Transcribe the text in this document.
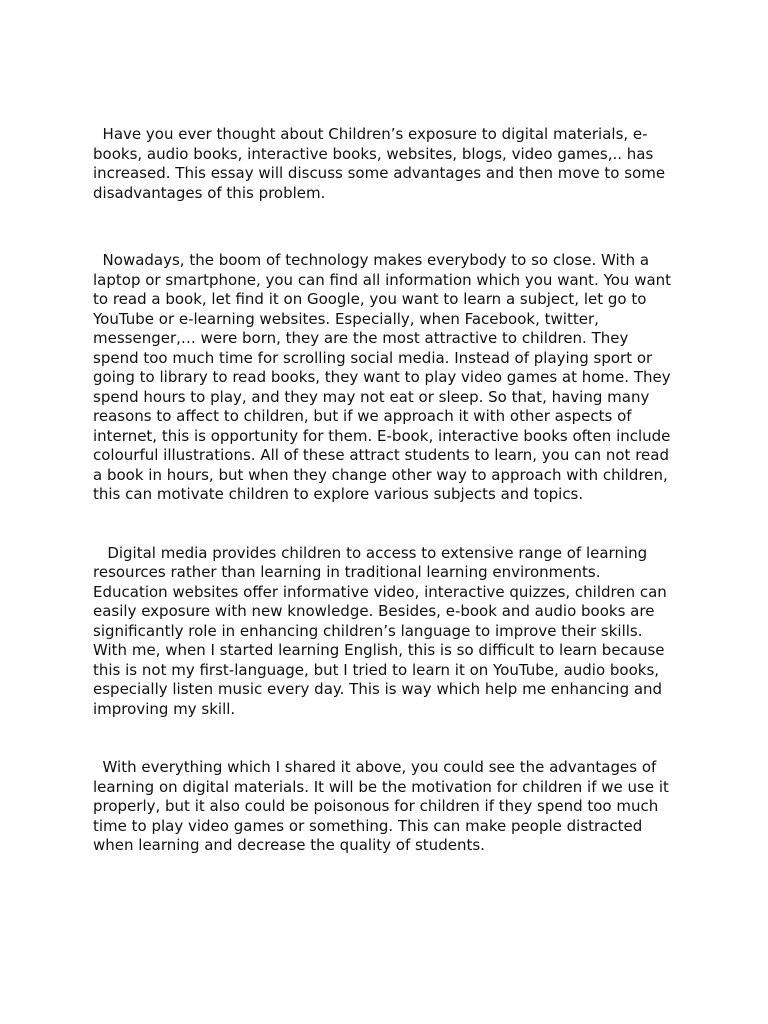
Have you ever thought about Children’s exposure to digital materials, e-books, audio books, interactive books, websites, blogs, video games,.. has increased. This essay will discuss some advantages and then move to some disadvantages of this problem.

Nowadays, the boom of technology makes everybody to so close. With a laptop or smartphone, you can find all information which you want. You want to read a book, let find it on Google, you want to learn a subject, let go to YouTube or e-learning websites. Especially, when Facebook, twitter, messenger,… were born, they are the most attractive to children. They spend too much time for scrolling social media. Instead of playing sport or going to library to read books, they want to play video games at home. They spend hours to play, and they may not eat or sleep. So that, having many reasons to affect to children, but if we approach it with other aspects of internet, this is opportunity for them. E-book, interactive books often include colourful illustrations. All of these attract students to learn, you can not read a book in hours, but when they change other way to approach with children, this can motivate children to explore various subjects and topics.

Digital media provides children to access to extensive range of learning resources rather than learning in traditional learning environments. Education websites offer informative video, interactive quizzes, children can easily exposure with new knowledge. Besides, e-book and audio books are significantly role in enhancing children’s language to improve their skills. With me, when I started learning English, this is so difficult to learn because this is not my first-language, but I tried to learn it on YouTube, audio books, especially listen music every day. This is way which help me enhancing and improving my skill.

With everything which I shared it above, you could see the advantages of learning on digital materials. It will be the motivation for children if we use it properly, but it also could be poisonous for children if they spend too much time to play video games or something. This can make people distracted when learning and decrease the quality of students.
